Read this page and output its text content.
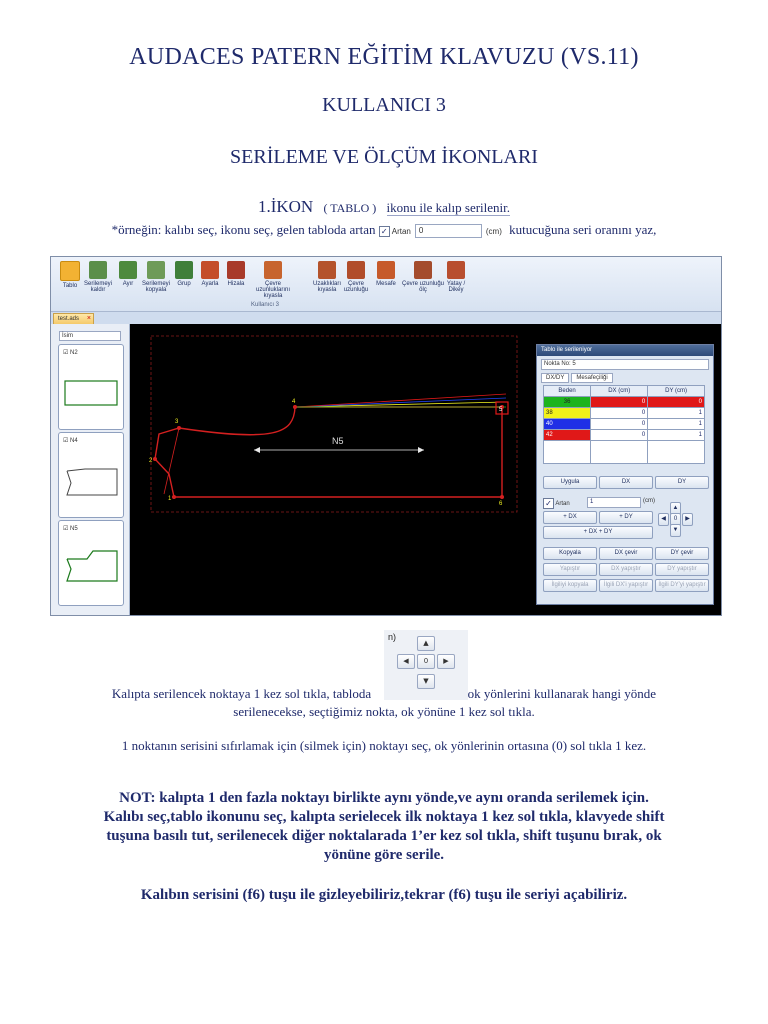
AUDACES PATERN EĞİTİM KLAVUZU (VS.11)
KULLANICI 3
SERİLEME VE ÖLÇÜM İKONLARI
1.İKON ( TABLO ) ikonu ile kalıp serilenir.
*örneğin: kalıbı seç, ikonu seç, gelen tabloda artan ✓ Artan 0	(cm) kutucuğuna seri oranını yaz,
Tablo	Serilemeyi kaldır
Ayır	Serilemeyi kopyala
Grup	Ayarla	Hizala	Çevre uzunluklarını kıyasla
Uzaklıkları kıyasla
Çevre uzunluğu
Mesafe	Çevre uzunluğu ölç
Yatay / Dikey
Kullanıcı 3
test.ads ×
İsim
☑ N2
☑ N4
☑ N5
N5
1
2
3
4
5
6
Tablo ile serileniyor
Nokta No: 5
DX/DY Mesafeçiliği
Beden	DX (cm)	DY (cm)
36	0	0
38	0	1
40	0	1
42	0	1

Uygula	DX	DY
✓ Artan	1	(cm)
+ DX	+ DY
+ DX + DY
▲
◀	0	▶
▼
Kopyala	DX çevir	DY çevir
Yapıştır	DX yapıştır	DY yapıştır
İlgiliyi kopyala	İlgili DX'i yapıştır	İlgili DY'yi yapıştır
n)
▲
◀	0	▶
▼
Kalıpta serilencek noktaya 1 kez sol tıkla, tabloda	ok yönlerini kullanarak hangi yönde
serilenecekse, seçtiğimiz nokta, ok yönüne 1 kez sol tıkla.
1 noktanın serisini sıfırlamak için (silmek için) noktayı seç, ok yönlerinin ortasına (0) sol tıkla 1 kez.
NOT: kalıpta 1 den fazla noktayı birlikte aynı yönde,ve aynı oranda serilemek için.
Kalıbı seç,tablo ikonunu seç, kalıpta serielecek ilk noktaya 1 kez sol tıkla, klavyede shift
tuşuna basılı tut, serilenecek diğer noktalarada 1’er kez sol tıkla, shift tuşunu bırak, ok
yönüne göre serile.
Kalıbın serisini (f6) tuşu ile gizleyebiliriz,tekrar (f6) tuşu ile seriyi açabiliriz.
